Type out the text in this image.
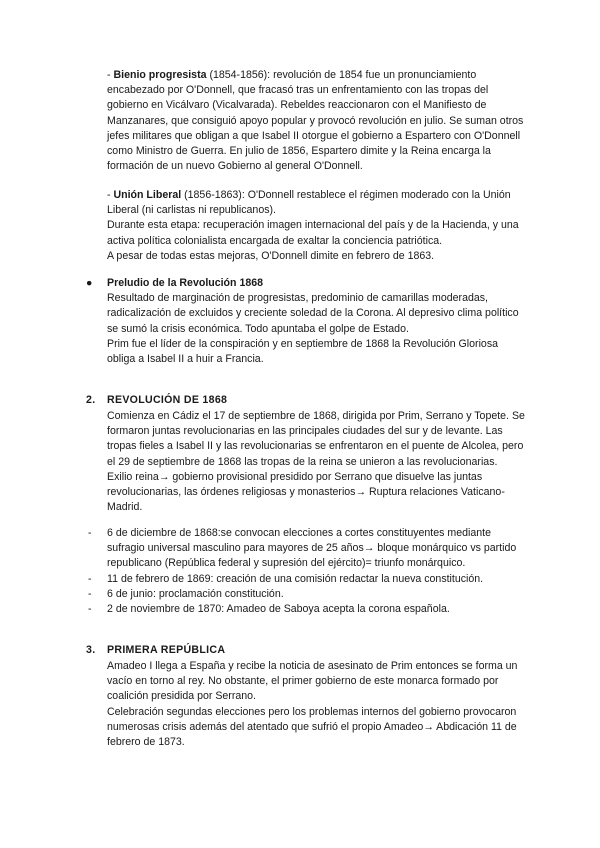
- Bienio progresista (1854-1856): revolución de 1854 fue un pronunciamiento encabezado por O'Donnell, que fracasó tras un enfrentamiento con las tropas del gobierno en Vicálvaro (Vicalvarada). Rebeldes reaccionaron con el Manifiesto de Manzanares, que consiguió apoyo popular y provocó revolución en julio. Se suman otros jefes militares que obligan a que Isabel II otorgue el gobierno a Espartero con O'Donnell como Ministro de Guerra. En julio de 1856, Espartero dimite y la Reina encarga la formación de un nuevo Gobierno al general O'Donnell.

- Unión Liberal (1856-1863): O'Donnell restablece el régimen moderado con la Unión Liberal (ni carlistas ni republicanos).

Durante esta etapa: recuperación imagen internacional del país y de la Hacienda, y una activa política colonialista encargada de exaltar la conciencia patriótica.

A pesar de todas estas mejoras, O'Donnell dimite en febrero de 1863.

●	Preludio de la Revolución 1868

Resultado de marginación de progresistas, predominio de camarillas moderadas, radicalización de excluidos y creciente soledad de la Corona. Al depresivo clima político se sumó la crisis económica. Todo apuntaba el golpe de Estado.

Prim fue el líder de la conspiración y en septiembre de 1868 la Revolución Gloriosa obliga a Isabel II a huir a Francia.

2. REVOLUCIÓN DE 1868

Comienza en Cádiz el 17 de septiembre de 1868, dirigida por Prim, Serrano y Topete. Se formaron juntas revolucionarias en las principales ciudades del sur y de levante. Las tropas fieles a Isabel II y las revolucionarias se enfrentaron en el puente de Alcolea, pero el 29 de septiembre de 1868 las tropas de la reina se unieron a las revolucionarias.

Exilio reina→ gobierno provisional presidido por Serrano que disuelve las juntas revolucionarias, las órdenes religiosas y monasterios→ Ruptura relaciones Vaticano-Madrid.

- 6 de diciembre de 1868:se convocan elecciones a cortes constituyentes mediante sufragio universal masculino para mayores de 25 años→ bloque monárquico vs partido republicano (República federal y supresión del ejército)= triunfo monárquico.
- 11 de febrero de 1869: creación de una comisión redactar la nueva constitución.
- 6 de junio: proclamación constitución.
- 2 de noviembre de 1870: Amadeo de Saboya acepta la corona española.
3. PRIMERA REPÚBLICA

Amadeo I llega a España y recibe la noticia de asesinato de Prim entonces se forma un vacío en torno al rey. No obstante, el primer gobierno de este monarca formado por coalición presidida por Serrano.

Celebración segundas elecciones pero los problemas internos del gobierno provocaron numerosas crisis además del atentado que sufrió el propio Amadeo→ Abdicación 11 de febrero de 1873.
